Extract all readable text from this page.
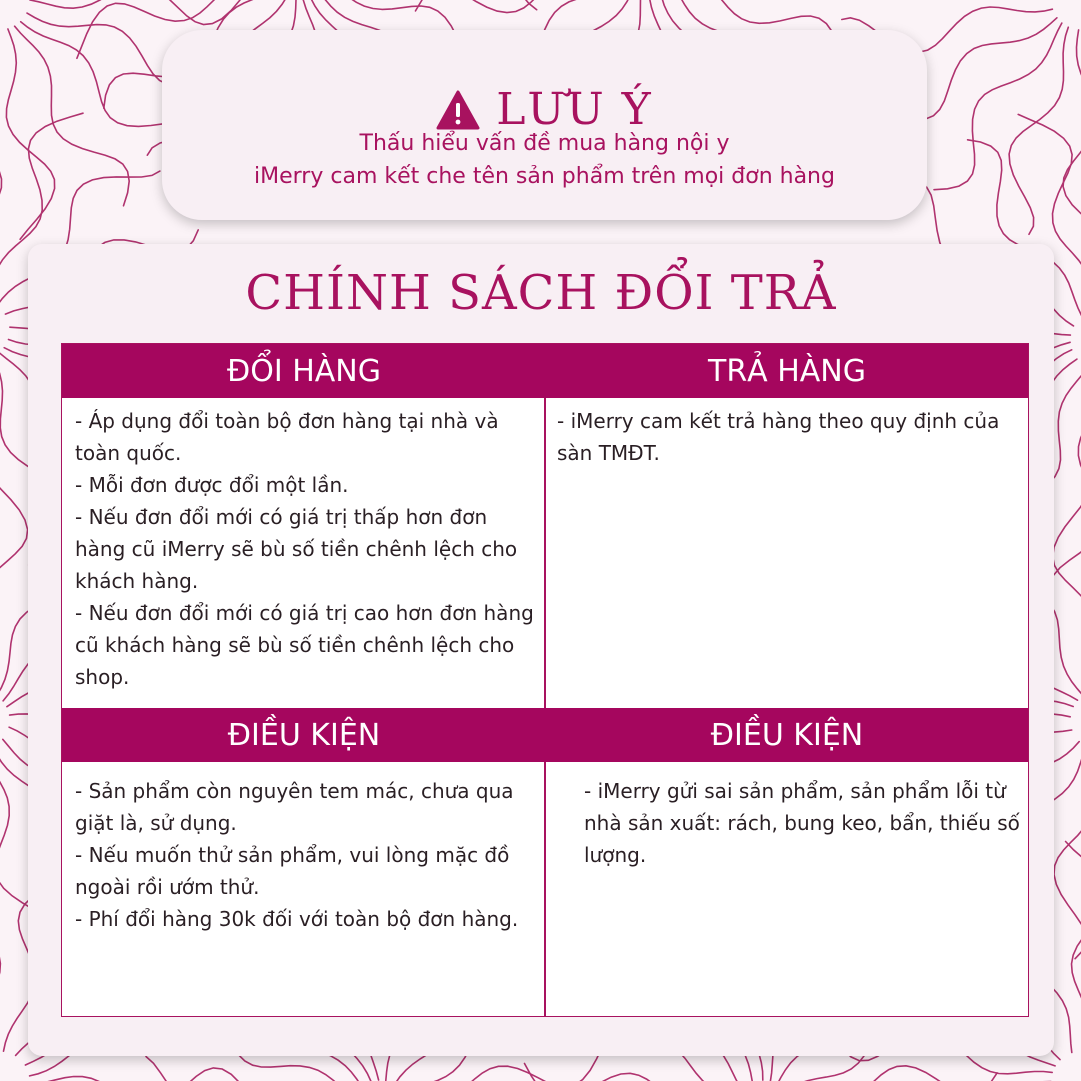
LƯU Ý
Thấu hiểu vấn đề mua hàng nội y
iMerry cam kết che tên sản phẩm trên mọi đơn hàng
CHÍNH SÁCH ĐỔI TRẢ
ĐỔI HÀNG	TRẢ HÀNG

- Áp dụng đổi toàn bộ đơn hàng tại nhà và toàn quốc.

- Mỗi đơn được đổi một lần.

- Nếu đơn đổi mới có giá trị thấp hơn đơn hàng cũ iMerry sẽ bù số tiền chênh lệch cho khách hàng.

- Nếu đơn đổi mới có giá trị cao hơn đơn hàng cũ khách hàng sẽ bù số tiền chênh lệch cho shop.

- iMerry cam kết trả hàng theo quy định của sàn TMĐT.

ĐIỀU KIỆN	ĐIỀU KIỆN

- Sản phẩm còn nguyên tem mác, chưa qua giặt là, sử dụng.

- Nếu muốn thử sản phẩm, vui lòng mặc đồ ngoài rồi ướm thử.

- Phí đổi hàng 30k đối với toàn bộ đơn hàng.

- iMerry gửi sai sản phẩm, sản phẩm lỗi từ nhà sản xuất: rách, bung keo, bẩn, thiếu số lượng.
